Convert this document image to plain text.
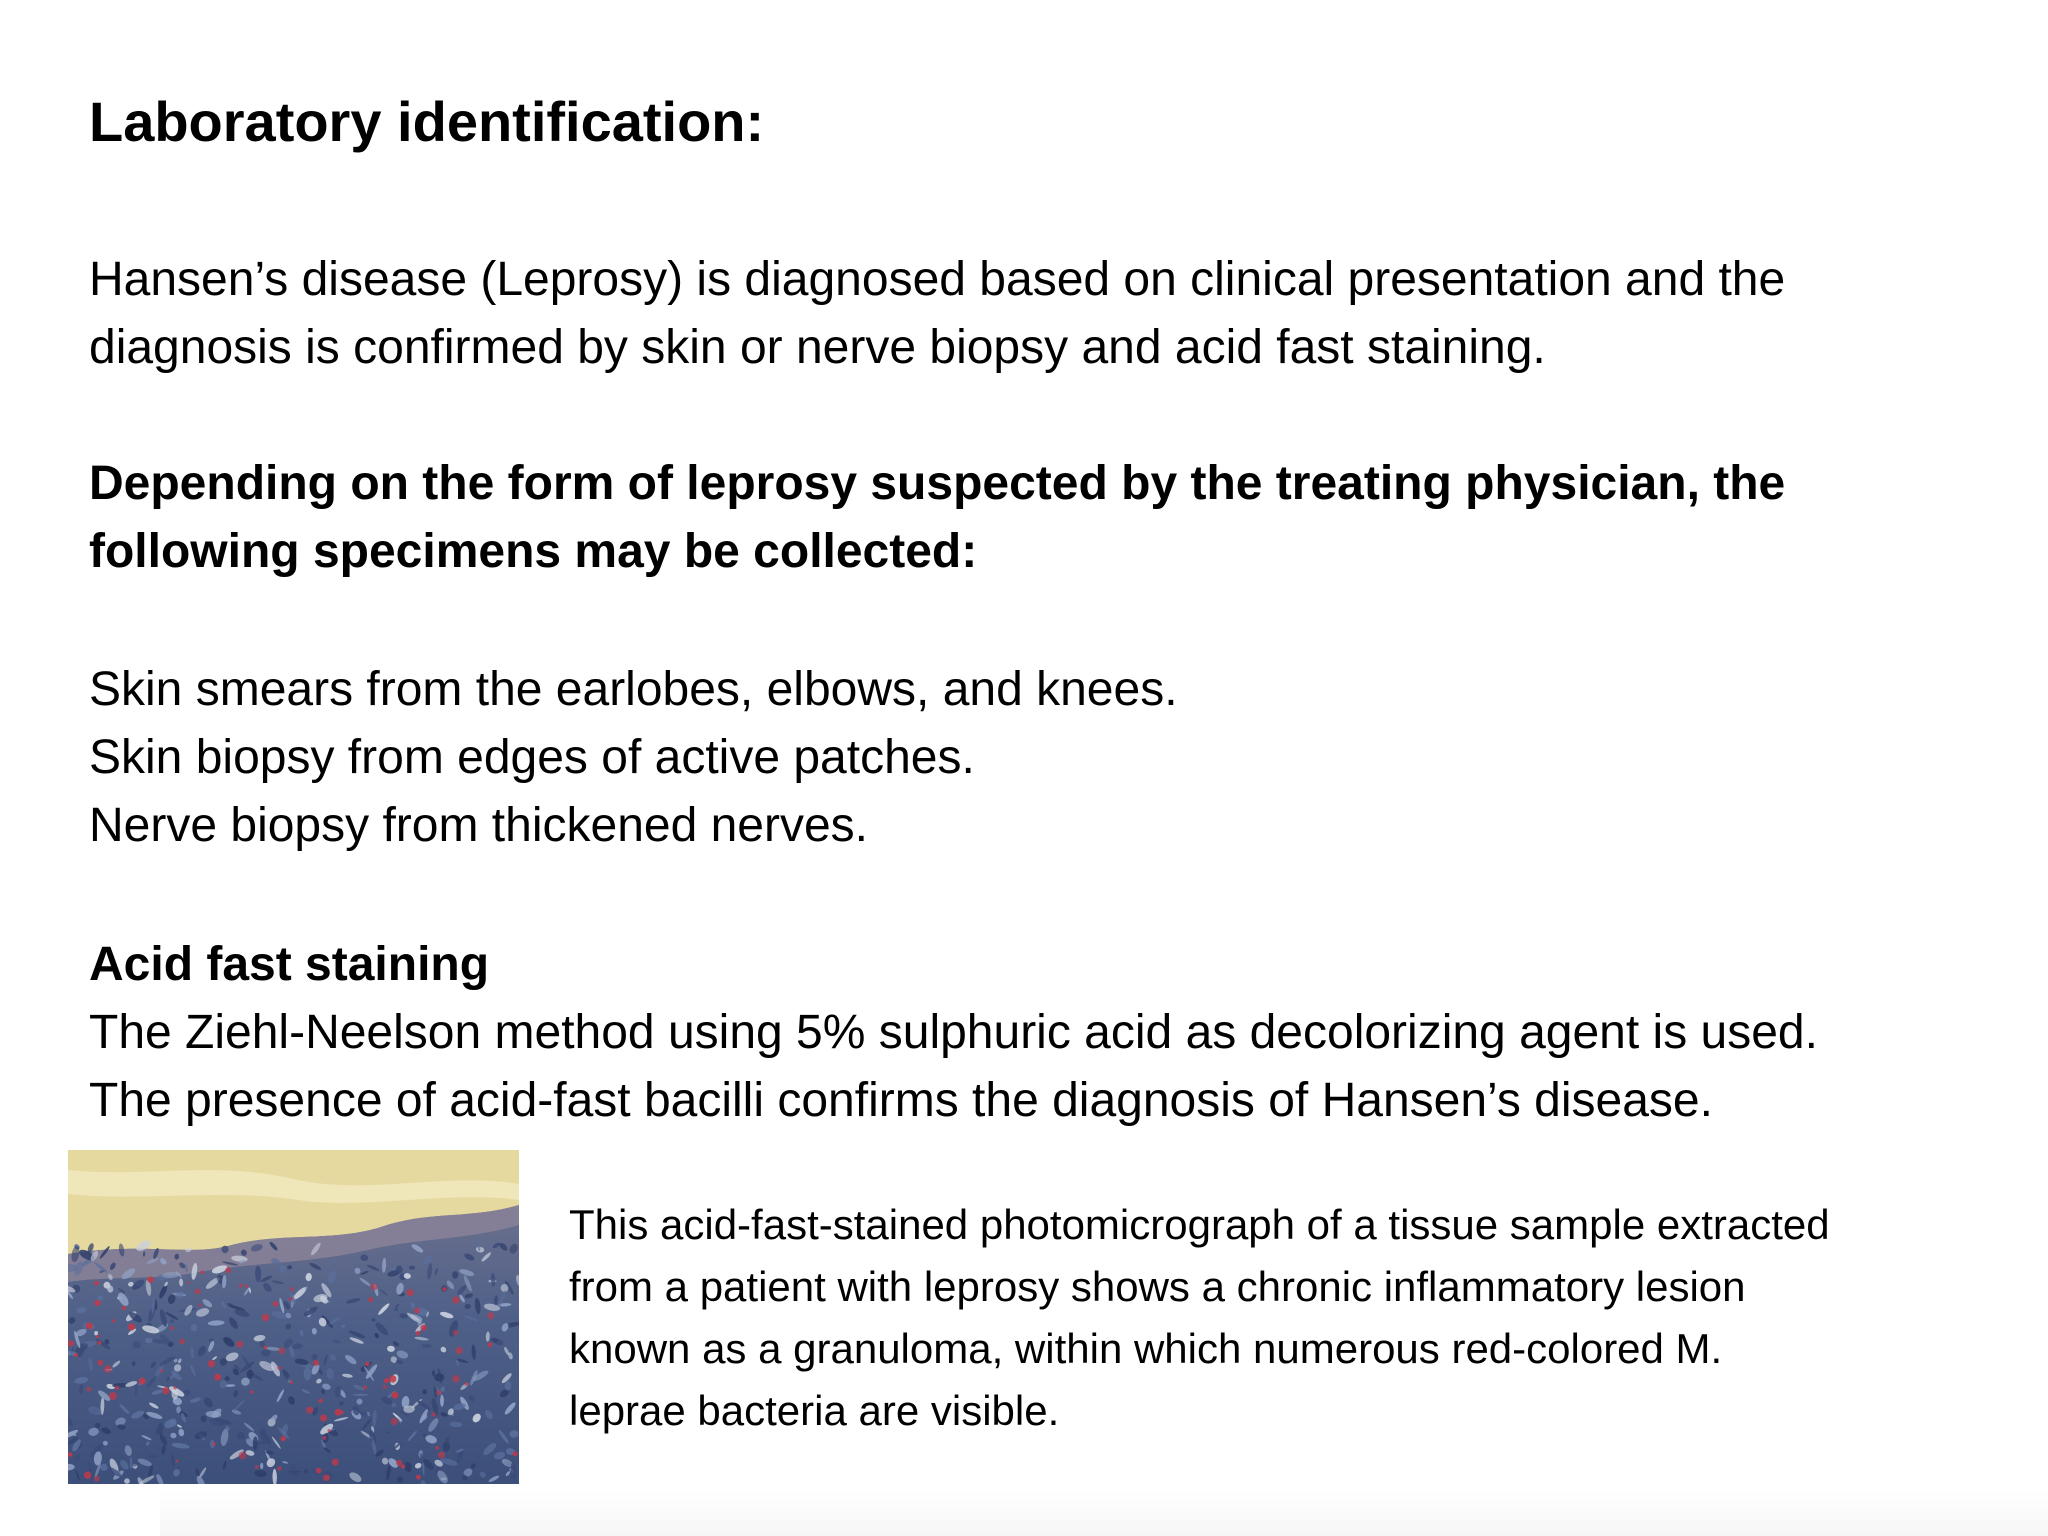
Laboratory identification:
Hansen’s disease (Leprosy) is diagnosed based on clinical presentation and the
diagnosis is confirmed by skin or nerve biopsy and acid fast staining.
Depending on the form of leprosy suspected by the treating physician, the
following specimens may be collected:
Skin smears from the earlobes, elbows, and knees.
Skin biopsy from edges of active patches.
Nerve biopsy from thickened nerves.
Acid fast staining
The Ziehl-Neelson method using 5% sulphuric acid as decolorizing agent is used.
The presence of acid-fast bacilli confirms the diagnosis of Hansen’s disease.
This acid-fast-stained photomicrograph of a tissue sample extracted
from a patient with leprosy shows a chronic inflammatory lesion
known as a granuloma, within which numerous red-colored M.
leprae bacteria are visible.
